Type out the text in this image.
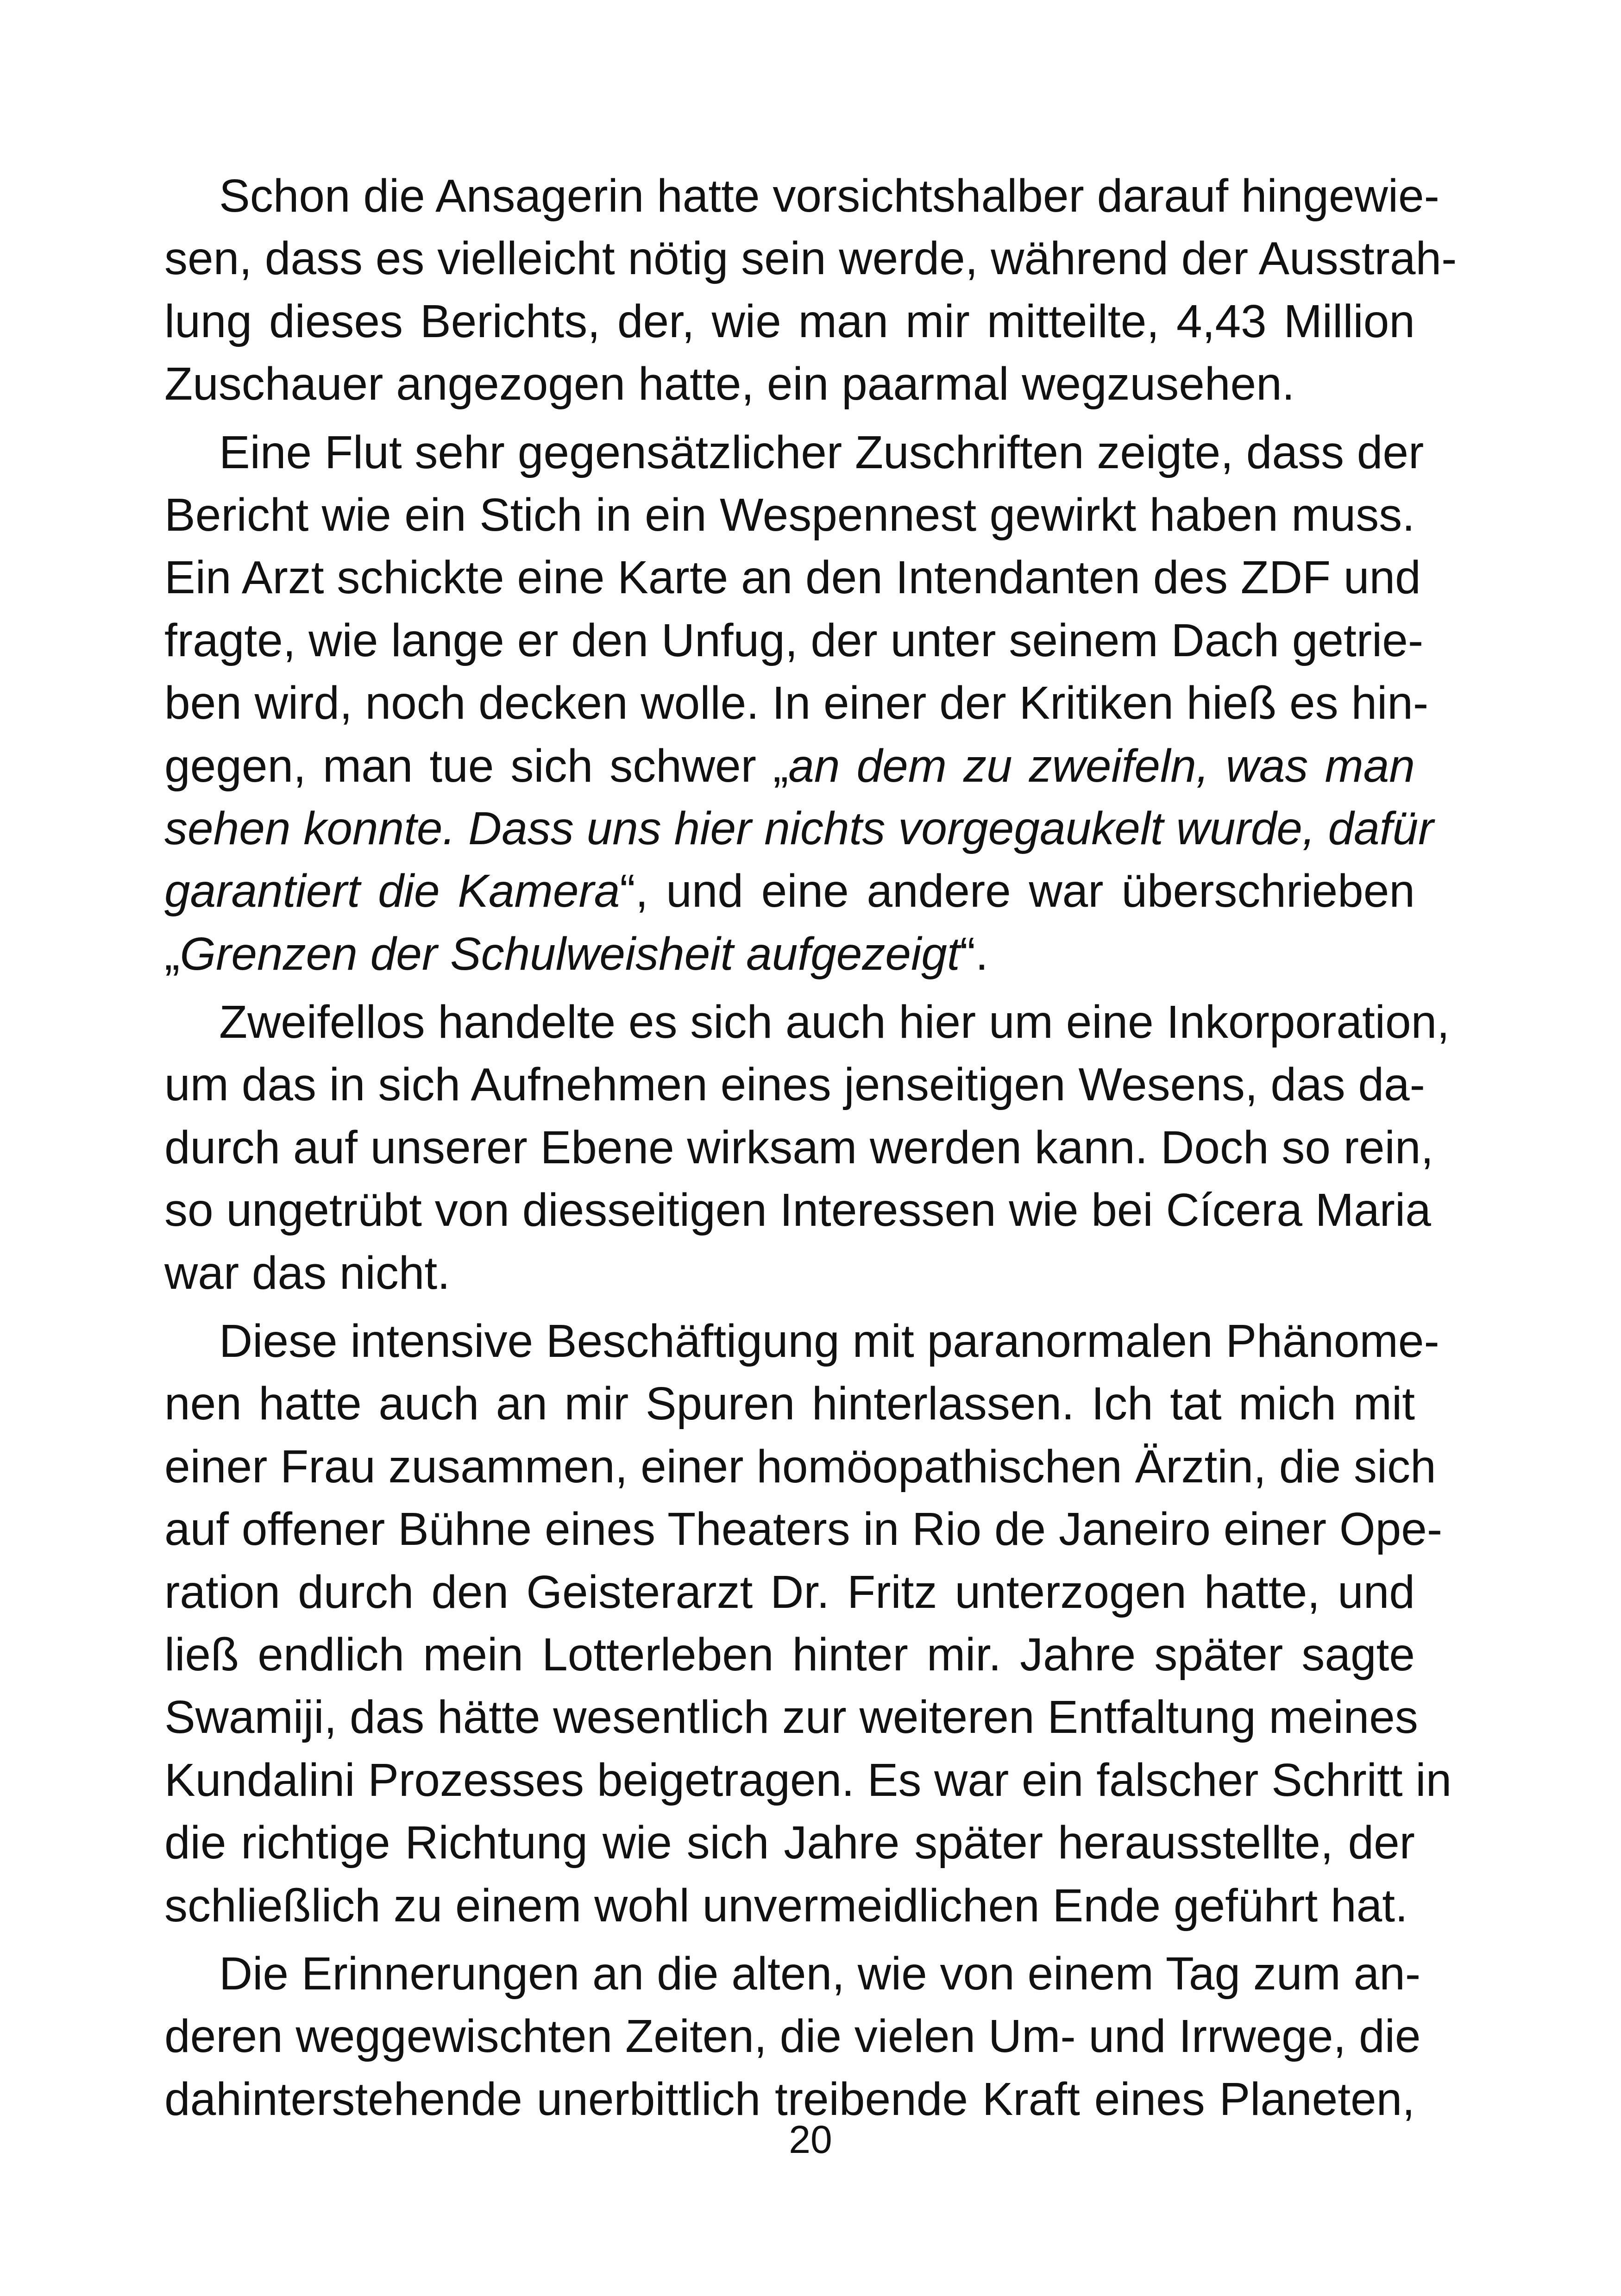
Schon die Ansagerin hatte vorsichtshalber darauf hingewie-
sen, dass es vielleicht nötig sein werde, während der Ausstrah-
lung dieses Berichts, der, wie man mir mitteilte, 4,43 Million
Zuschauer angezogen hatte, ein paarmal wegzusehen.
Eine Flut sehr gegensätzlicher Zuschriften zeigte, dass der
Bericht wie ein Stich in ein Wespennest gewirkt haben muss.
Ein Arzt schickte eine Karte an den Intendanten des ZDF und
fragte, wie lange er den Unfug, der unter seinem Dach getrie-
ben wird, noch decken wolle. In einer der Kritiken hieß es hin-
gegen, man tue sich schwer „an dem zu zweifeln, was man
sehen konnte. Dass uns hier nichts vorgegaukelt wurde, dafür
garantiert die Kamera“, und eine andere war überschrieben
„Grenzen der Schulweisheit aufgezeigt“.
Zweifellos handelte es sich auch hier um eine Inkorporation,
um das in sich Aufnehmen eines jenseitigen Wesens, das da-
durch auf unserer Ebene wirksam werden kann. Doch so rein,
so ungetrübt von diesseitigen Interessen wie bei Cícera Maria
war das nicht.
Diese intensive Beschäftigung mit paranormalen Phänome-
nen hatte auch an mir Spuren hinterlassen. Ich tat mich mit
einer Frau zusammen, einer homöopathischen Ärztin, die sich
auf offener Bühne eines Theaters in Rio de Janeiro einer Ope-
ration durch den Geisterarzt Dr. Fritz unterzogen hatte, und
ließ endlich mein Lotterleben hinter mir. Jahre später sagte
Swamiji, das hätte wesentlich zur weiteren Entfaltung meines
Kundalini Prozesses beigetragen. Es war ein falscher Schritt in
die richtige Richtung wie sich Jahre später herausstellte, der
schließlich zu einem wohl unvermeidlichen Ende geführt hat.
Die Erinnerungen an die alten, wie von einem Tag zum an-
deren weggewischten Zeiten, die vielen Um- und Irrwege, die
dahinterstehende unerbittlich treibende Kraft eines Planeten,
20
